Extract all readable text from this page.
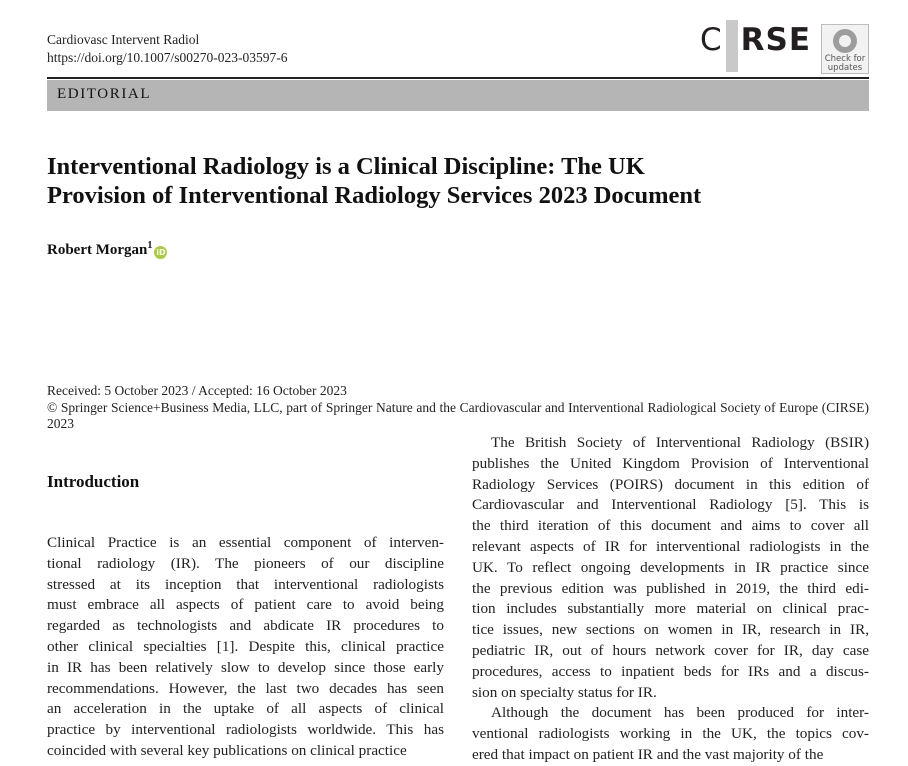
Cardiovasc Intervent Radiol
https://doi.org/10.1007/s00270-023-03597-6	C RSE
Check for
updates
EDITORIAL
Interventional Radiology is a Clinical Discipline: The UK
Provision of Interventional Radiology Services 2023 Document
Robert Morgan$^1$iD
Received: 5 October 2023 / Accepted: 16 October 2023
© Springer Science+Business Media, LLC, part of Springer Nature and the Cardiovascular and Interventional Radiological Society of Europe (CIRSE) 2023
Introduction
Clinical Practice is an essential component of interven-
tional radiology (IR). The pioneers of our discipline
stressed at its inception that interventional radiologists
must embrace all aspects of patient care to avoid being
regarded as technologists and abdicate IR procedures to
other clinical specialties [1]. Despite this, clinical practice
in IR has been relatively slow to develop since those early
recommendations. However, the last two decades has seen
an acceleration in the uptake of all aspects of clinical
practice by interventional radiologists worldwide. This has
coincided with several key publications on clinical practice
The British Society of Interventional Radiology (BSIR)
publishes the United Kingdom Provision of Interventional
Radiology Services (POIRS) document in this edition of
Cardiovascular and Interventional Radiology [5]. This is
the third iteration of this document and aims to cover all
relevant aspects of IR for interventional radiologists in the
UK. To reflect ongoing developments in IR practice since
the previous edition was published in 2019, the third edi-
tion includes substantially more material on clinical prac-
tice issues, new sections on women in IR, research in IR,
pediatric IR, out of hours network cover for IR, day case
procedures, access to inpatient beds for IRs and a discus-
sion on specialty status for IR.
Although the document has been produced for inter-
ventional radiologists working in the UK, the topics cov-
ered that impact on patient IR and the vast majority of the
